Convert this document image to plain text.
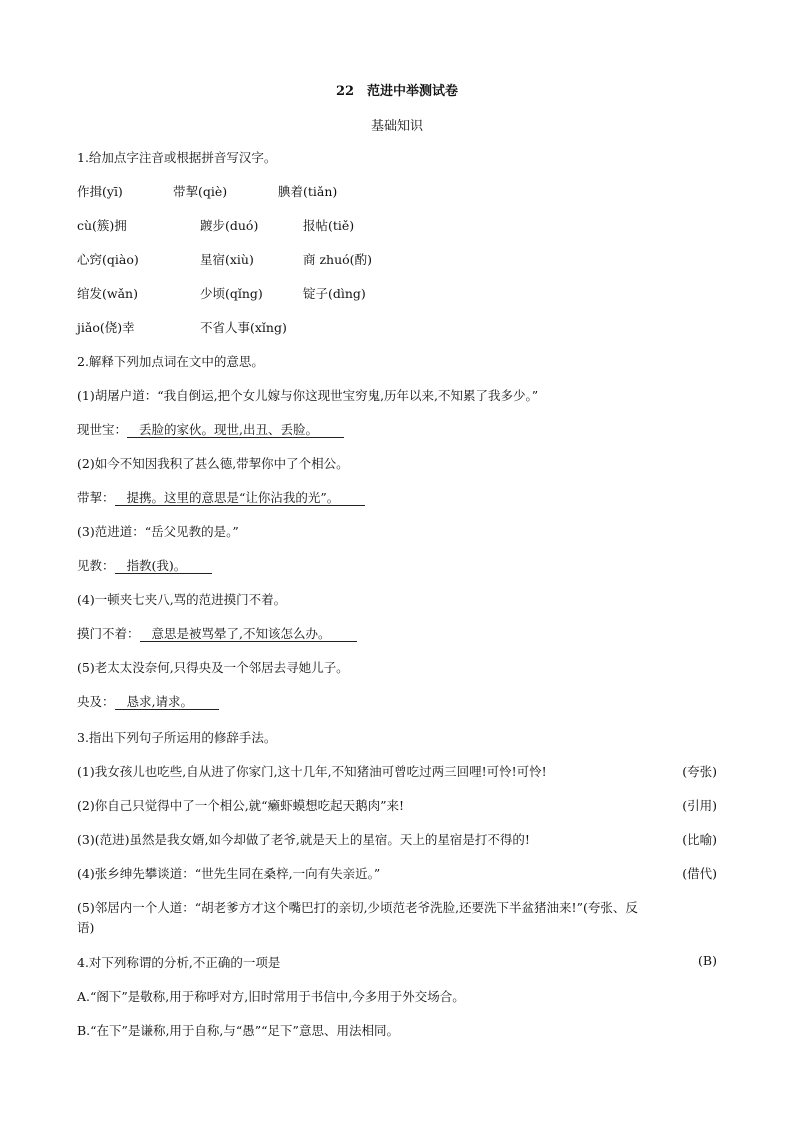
22　范进中举测试卷
基础知识
1.给加点字注音或根据拼音写汉字。
作揖(yī)	带挈(qiè)	腆着(tiǎn)
cù(簇)拥	踱步(duó)	报帖(tiě)
心窍(qiào)	星宿(xiù)	商 zhuó(酌)
绾发(wǎn)	少顷(qǐng)	锭子(dìng)
jiǎo(侥)幸	不省人事(xǐng)
2.解释下列加点词在文中的意思。
(1)胡屠户道：“我自倒运,把个女儿嫁与你这现世宝穷鬼,历年以来,不知累了我多少。”
现世宝： 丢脸的家伙。现世,出丑、丢脸。
(2)如今不知因我积了甚么德,带挈你中了个相公。
带挈： 提携。这里的意思是“让你沾我的光”。
(3)范进道：“岳父见教的是。”
见教： 指教(我)。
(4)一顿夹七夹八,骂的范进摸门不着。
摸门不着： 意思是被骂晕了,不知该怎么办。
(5)老太太没奈何,只得央及一个邻居去寻她儿子。
央及： 恳求,请求。
3.指出下列句子所运用的修辞手法。
(1)我女孩儿也吃些,自从进了你家门,这十几年,不知猪油可曾吃过两三回哩!可怜!可怜!	(夸张)
(2)你自己只觉得中了一个相公,就“癞虾蟆想吃起天鹅肉”来!	(引用)
(3)(范进)虽然是我女婿,如今却做了老爷,就是天上的星宿。天上的星宿是打不得的!	(比喻)
(4)张乡绅先攀谈道：“世先生同在桑梓,一向有失亲近。”	(借代)
(5)邻居内一个人道：“胡老爹方才这个嘴巴打的亲切,少顷范老爷洗脸,还要洗下半盆猪油来!”(夸张、反
语)
4.对下列称谓的分析,不正确的一项是	(B)
A.“阁下”是敬称,用于称呼对方,旧时常用于书信中,今多用于外交场合。
B.“在下”是谦称,用于自称,与“愚”“足下”意思、用法相同。
